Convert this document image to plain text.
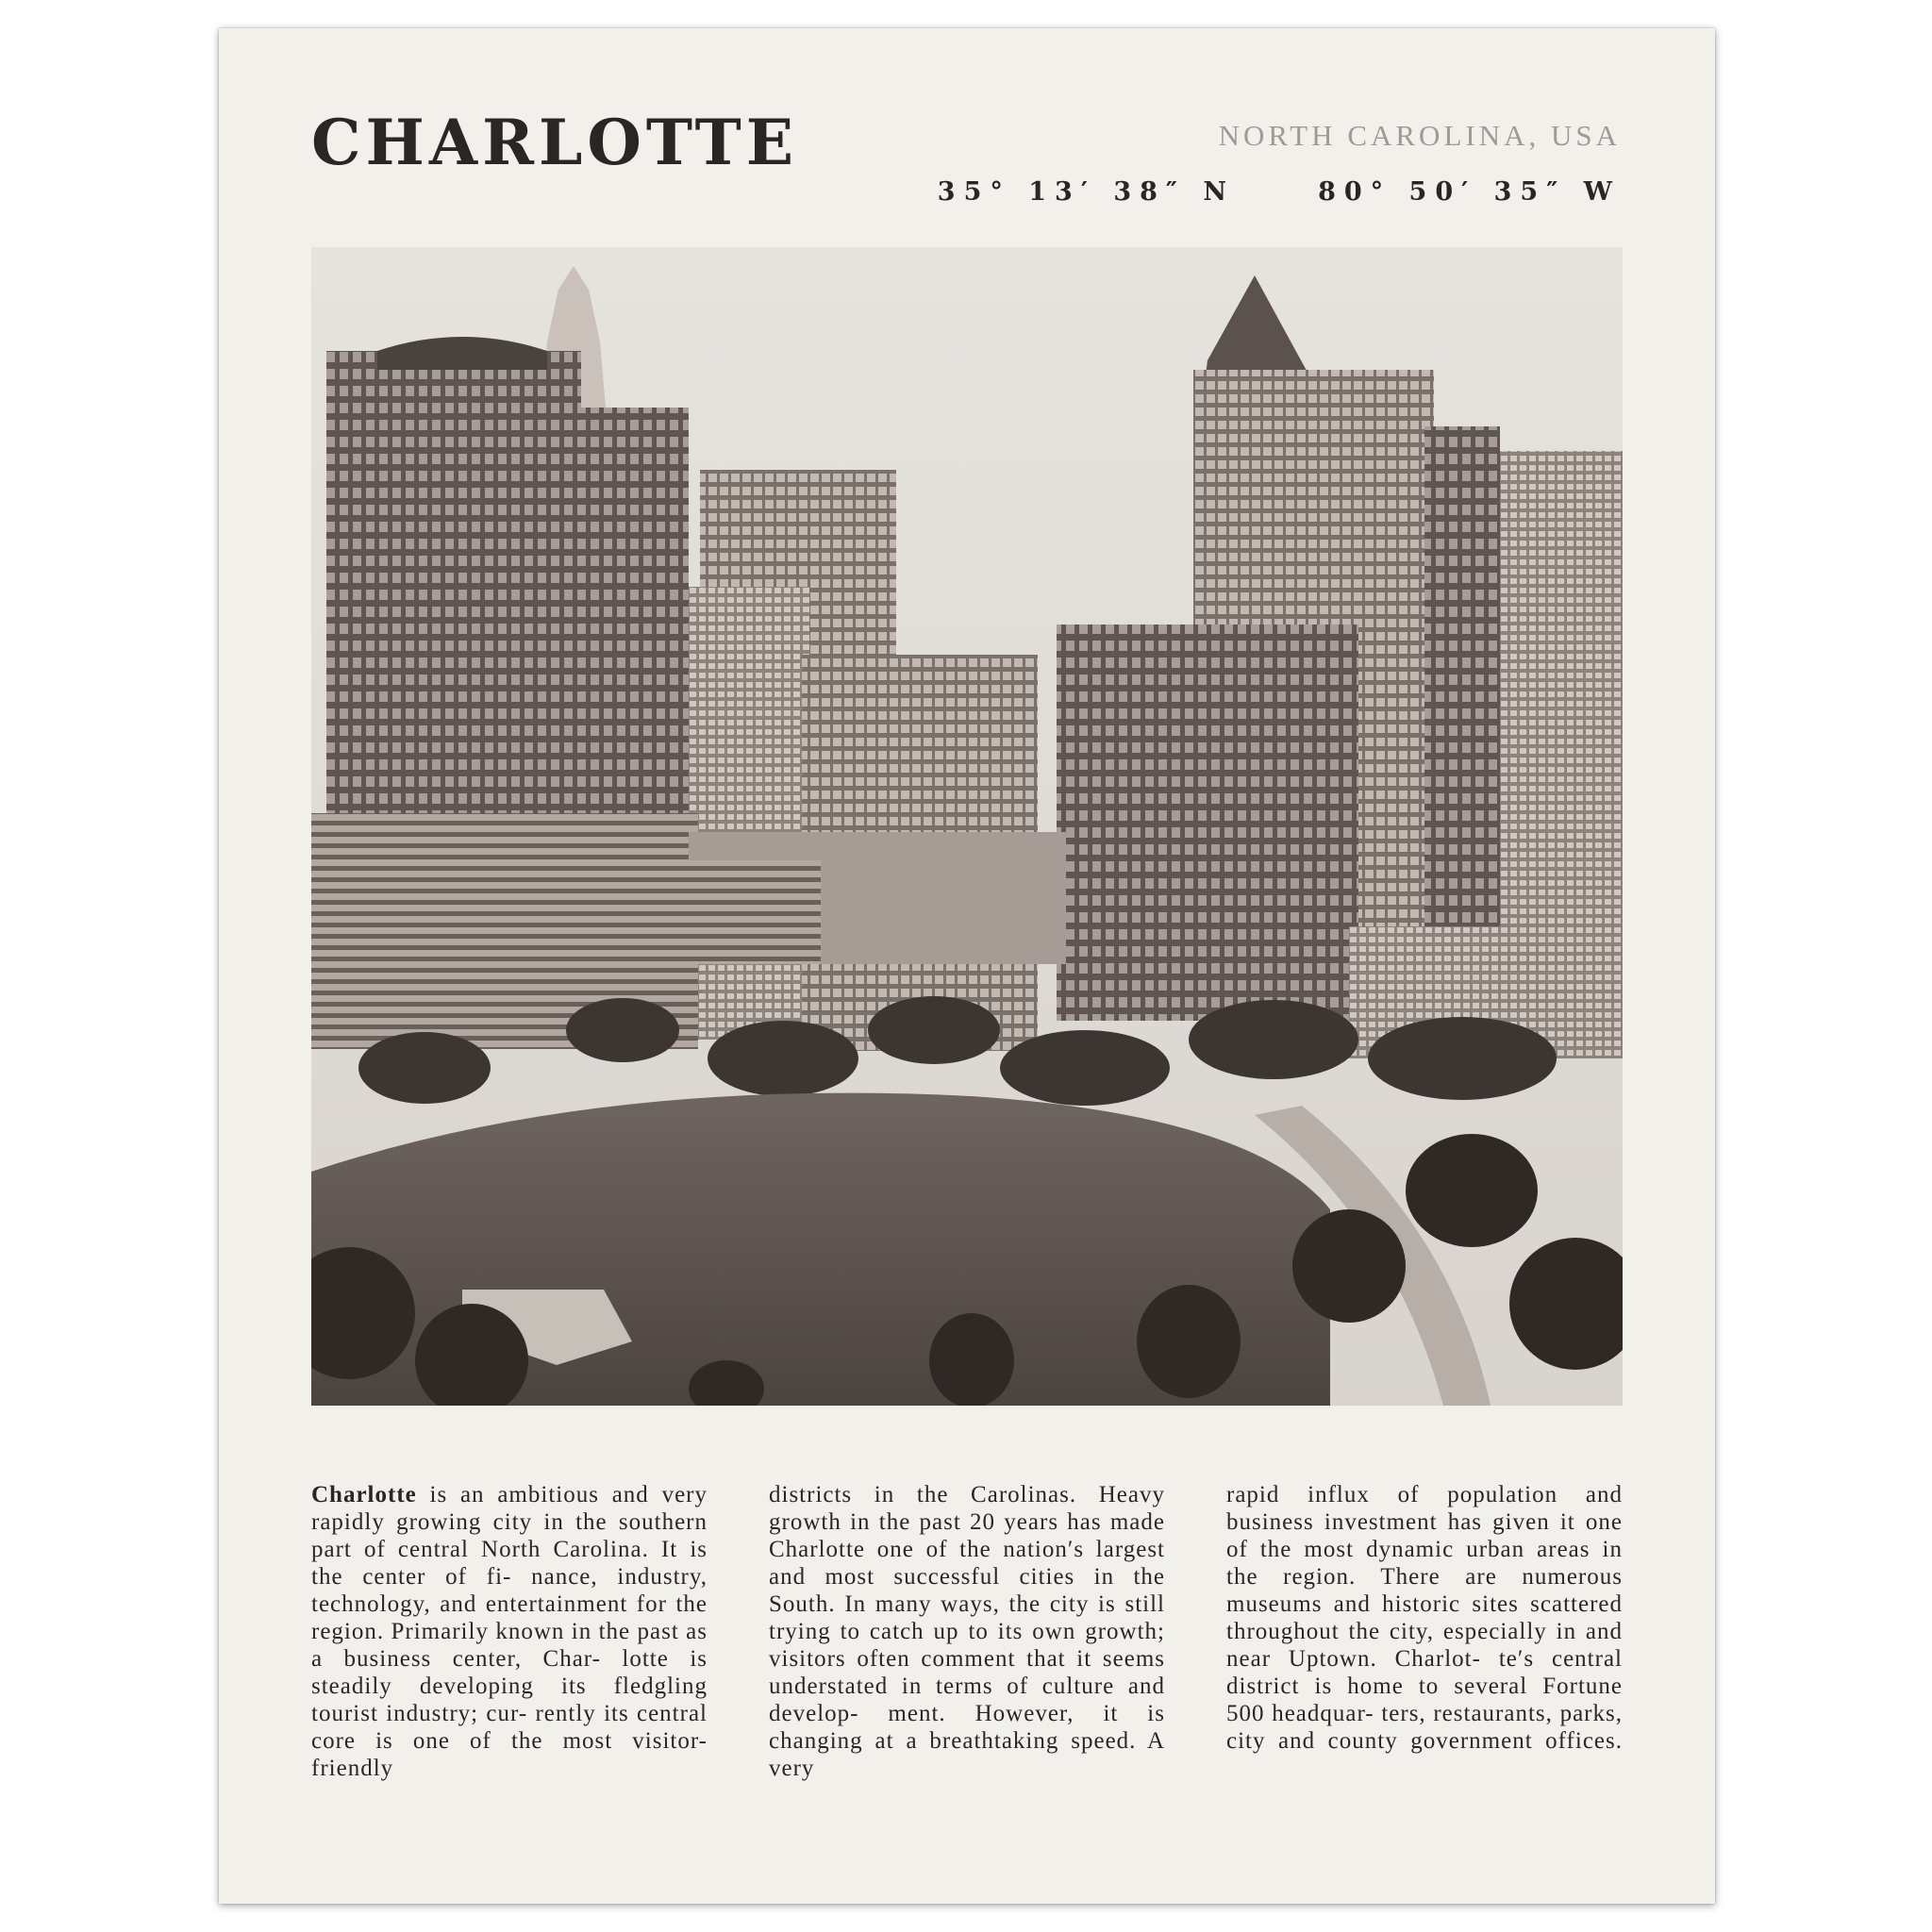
CHARLOTTE	NORTH CAROLINA, USA
35° 13′ 38″ N	80° 50′ 35″ W

Charlotte is an ambitious and very rapidly growing city in the southern part of central North Carolina. It is the center of fi- nance, industry, technology, and entertainment for the region. Primarily known in the past as a business center, Char- lotte is steadily developing its fledgling tourist industry; cur- rently its central core is one of the most visitor-friendly

districts in the Carolinas. Heavy growth in the past 20 years has made Charlotte one of the nation′s largest and most successful cities in the South. In many ways, the city is still trying to catch up to its own growth; visitors often comment that it seems understated in terms of culture and develop- ment. However, it is changing at a breathtaking speed. A very

rapid influx of population and business investment has given it one of the most dynamic urban areas in the region. There are numerous museums and historic sites scattered throughout the city, especially in and near Uptown. Charlot- te′s central district is home to several Fortune 500 headquar- ters, restaurants, parks, city and county government offices.
